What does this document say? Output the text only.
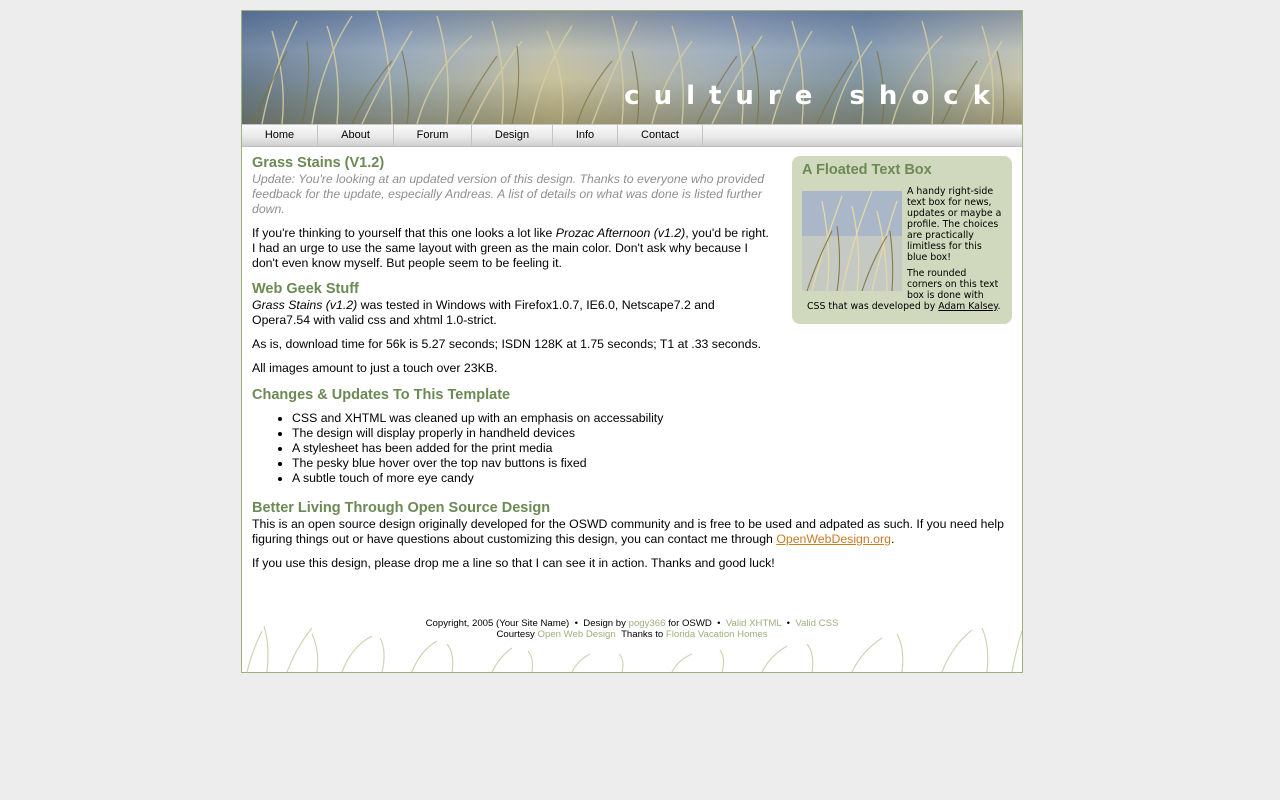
culture shock
Home	About	Forum	Design	Info	Contact
A Floated Text Box
A handy right-side text box for news, updates or maybe a profile. The choices are practically limitless for this blue box!
The rounded corners on this text box is done with
CSS that was developed by Adam Kalsey.
Grass Stains (V1.2)

Update: You're looking at an updated version of this design. Thanks to everyone who provided feedback for the update, especially Andreas. A list of details on what was done is listed further down.

If you're thinking to yourself that this one looks a lot like Prozac Afternoon (v1.2), you'd be right. I had an urge to use the same layout with green as the main color. Don't ask why because I don't even know myself. But people seem to be feeling it.

Web Geek Stuff

Grass Stains (v1.2) was tested in Windows with Firefox1.0.7, IE6.0, Netscape7.2 and Opera7.54 with valid css and xhtml 1.0-strict.

As is, download time for 56k is 5.27 seconds; ISDN 128K at 1.75 seconds; T1 at .33 seconds.

All images amount to just a touch over 23KB.

Changes & Updates To This Template
• CSS and XHTML was cleaned up with an emphasis on accessability
• The design will display properly in handheld devices
• A stylesheet has been added for the print media
• The pesky blue hover over the top nav buttons is fixed
• A subtle touch of more eye candy
Better Living Through Open Source Design

This is an open source design originally developed for the OSWD community and is free to be used and adpated as such. If you need help figuring things out or have questions about customizing this design, you can contact me through OpenWebDesign.org.

If you use this design, please drop me a line so that I can see it in action. Thanks and good luck!

Copyright, 2005 (Your Site Name) • Design by pogy366 for OSWD • Valid XHTML • Valid CSS
Courtesy Open Web Design Thanks to Florida Vacation Homes
